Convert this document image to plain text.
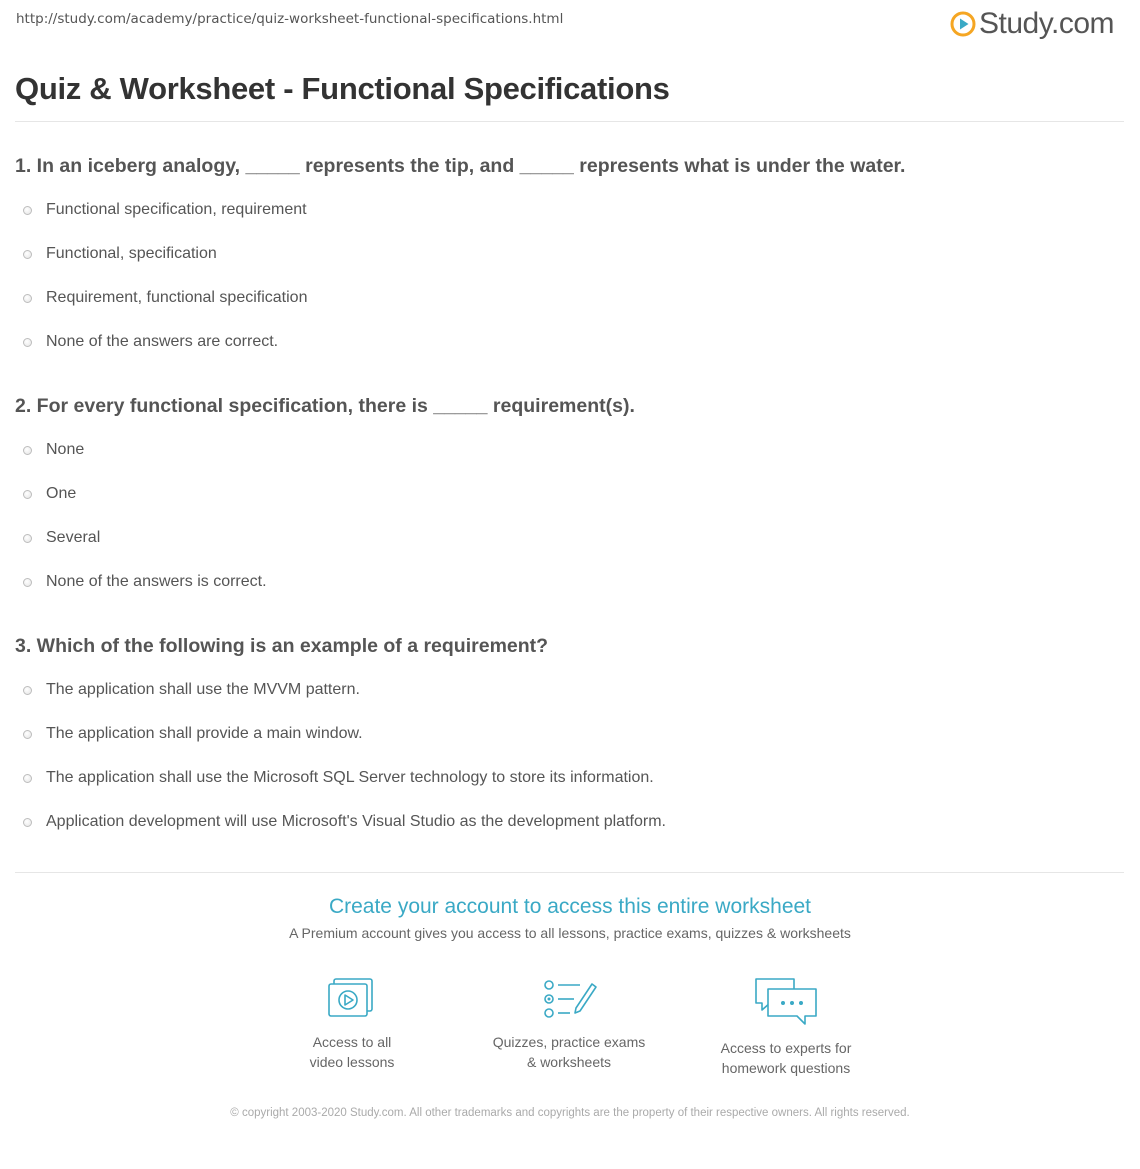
http://study.com/academy/practice/quiz-worksheet-functional-specifications.html	Study.com
Quiz & Worksheet - Functional Specifications

1. In an iceberg analogy, _____ represents the tip, and _____ represents what is under the water.

Functional specification, requirement
Functional, specification
Requirement, functional specification
None of the answers are correct.

2. For every functional specification, there is _____ requirement(s).

None
One
Several
None of the answers is correct.

3. Which of the following is an example of a requirement?

The application shall use the MVVM pattern.
The application shall provide a main window.
The application shall use the Microsoft SQL Server technology to store its information.
Application development will use Microsoft's Visual Studio as the development platform.
Create your account to access this entire worksheet
A Premium account gives you access to all lessons, practice exams, quizzes & worksheets
Access to all
video lessons
Quizzes, practice exams
& worksheets
Access to experts for
homework questions
© copyright 2003-2020 Study.com. All other trademarks and copyrights are the property of their respective owners. All rights reserved.
